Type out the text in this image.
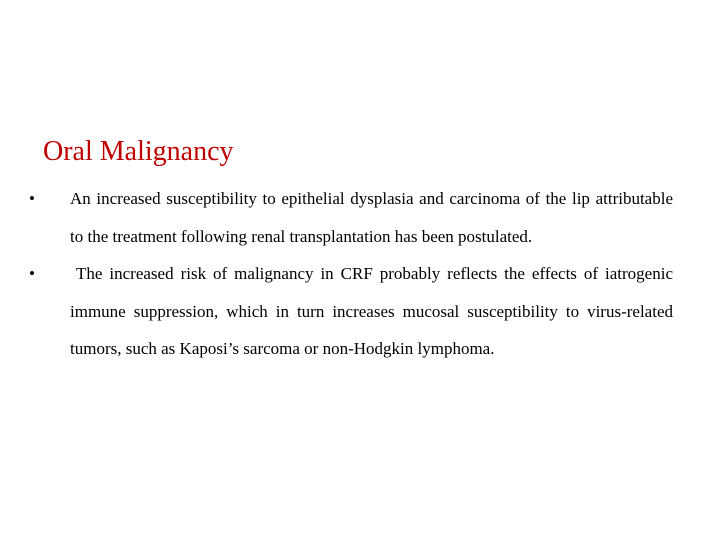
Oral Malignancy
• An increased susceptibility to epithelial dysplasia and carcinoma of the lip attributable to the treatment following renal transplantation has been postulated.
•	The increased risk of malignancy in CRF probably reflects the effects of iatrogenic immune suppression, which in turn increases mucosal susceptibility to virus-related tumors, such as Kaposi’s sarcoma or non-Hodgkin lymphoma.
